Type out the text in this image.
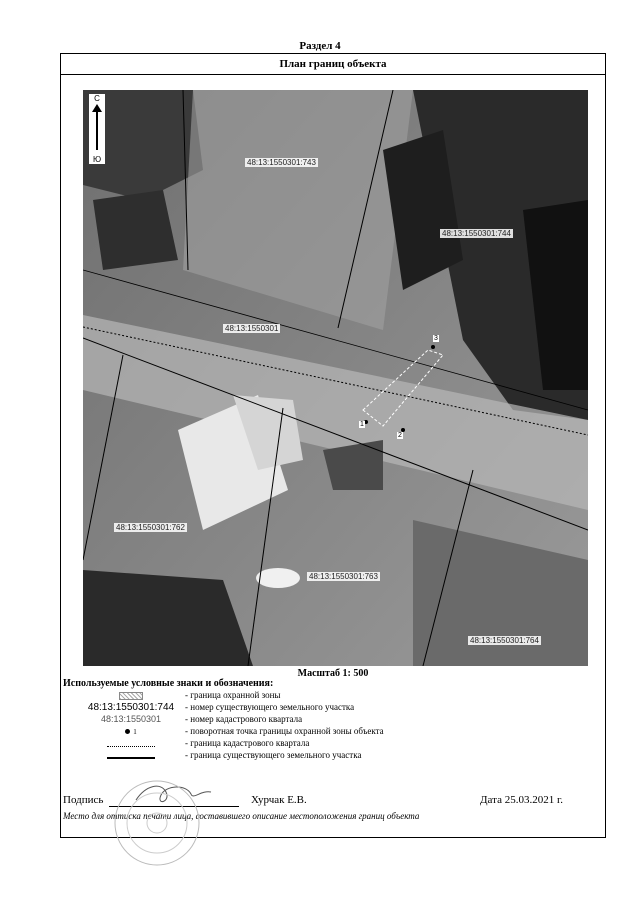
Раздел 4
План границ объекта
С
Ю	48:13:1550301:743
48:13:1550301:744
48:13:1550301
48:13:1550301:762
48:13:1550301:763
48:13:1550301:764
1
2
3
Масштаб 1: 500
Используемые условные знаки и обозначения:
- граница охранной зоны
48:13:1550301:744	- номер существующего земельного участка
48:13:1550301	- номер кадастрового квартала
1	- поворотная точка границы охранной зоны объекта
- граница кадастрового квартала
- граница существующего земельного участка
Подпись	Хурчак Е.В.	Дата 25.03.2021 г.
Место для оттиска печати лица, составившего описание местоположения границ объекта
